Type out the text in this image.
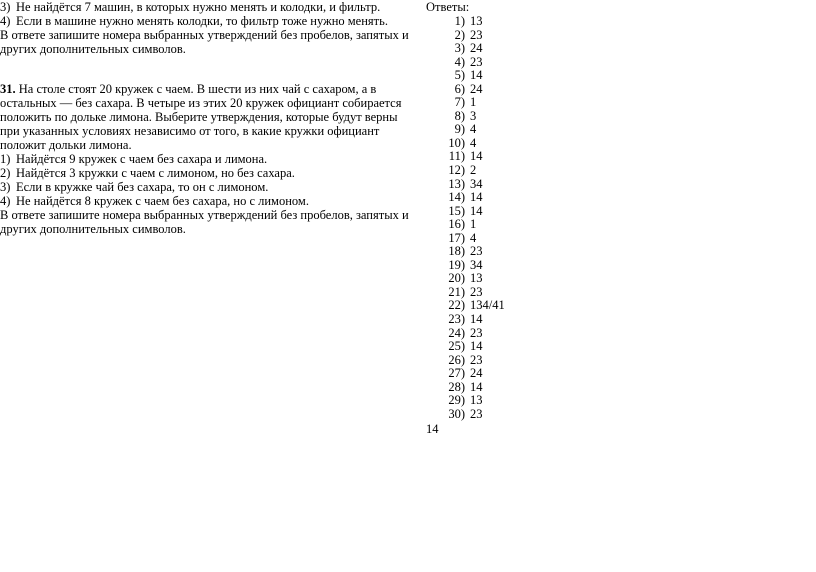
3) Не найдётся 7 машин, в которых нужно менять и колодки, и фильтр.
4) Если в машине нужно менять колодки, то фильтр тоже нужно менять.
В ответе запишите номера выбранных утверждений без пробелов, запятых и
других дополнительных символов.
31. На столе стоят 20 кружек с чаем. В шести из них чай с сахаром, а в
остальных — без сахара. В четыре из этих 20 кружек официант собирается
положить по дольке лимона. Выберите утверждения, которые будут верны
при указанных условиях независимо от того, в какие кружки официант
положит дольки лимона.
1) Найдётся 9 кружек с чаем без сахара и лимона.
2) Найдётся 3 кружки с чаем с лимоном, но без сахара.
3) Если в кружке чай без сахара, то он с лимоном.
4) Не найдётся 8 кружек с чаем без сахара, но с лимоном.
В ответе запишите номера выбранных утверждений без пробелов, запятых и
других дополнительных символов.
Ответы:
1) 13
2) 23
3) 24
4) 23
5) 14
6) 24
7) 1
8) 3
9) 4
10) 4
11) 14
12) 2
13) 34
14) 14
15) 14
16) 1
17) 4
18) 23
19) 34
20) 13
21) 23
22) 134/41
23) 14
24) 23
25) 14
26) 23
27) 24
28) 14
29) 13
30) 23
14
